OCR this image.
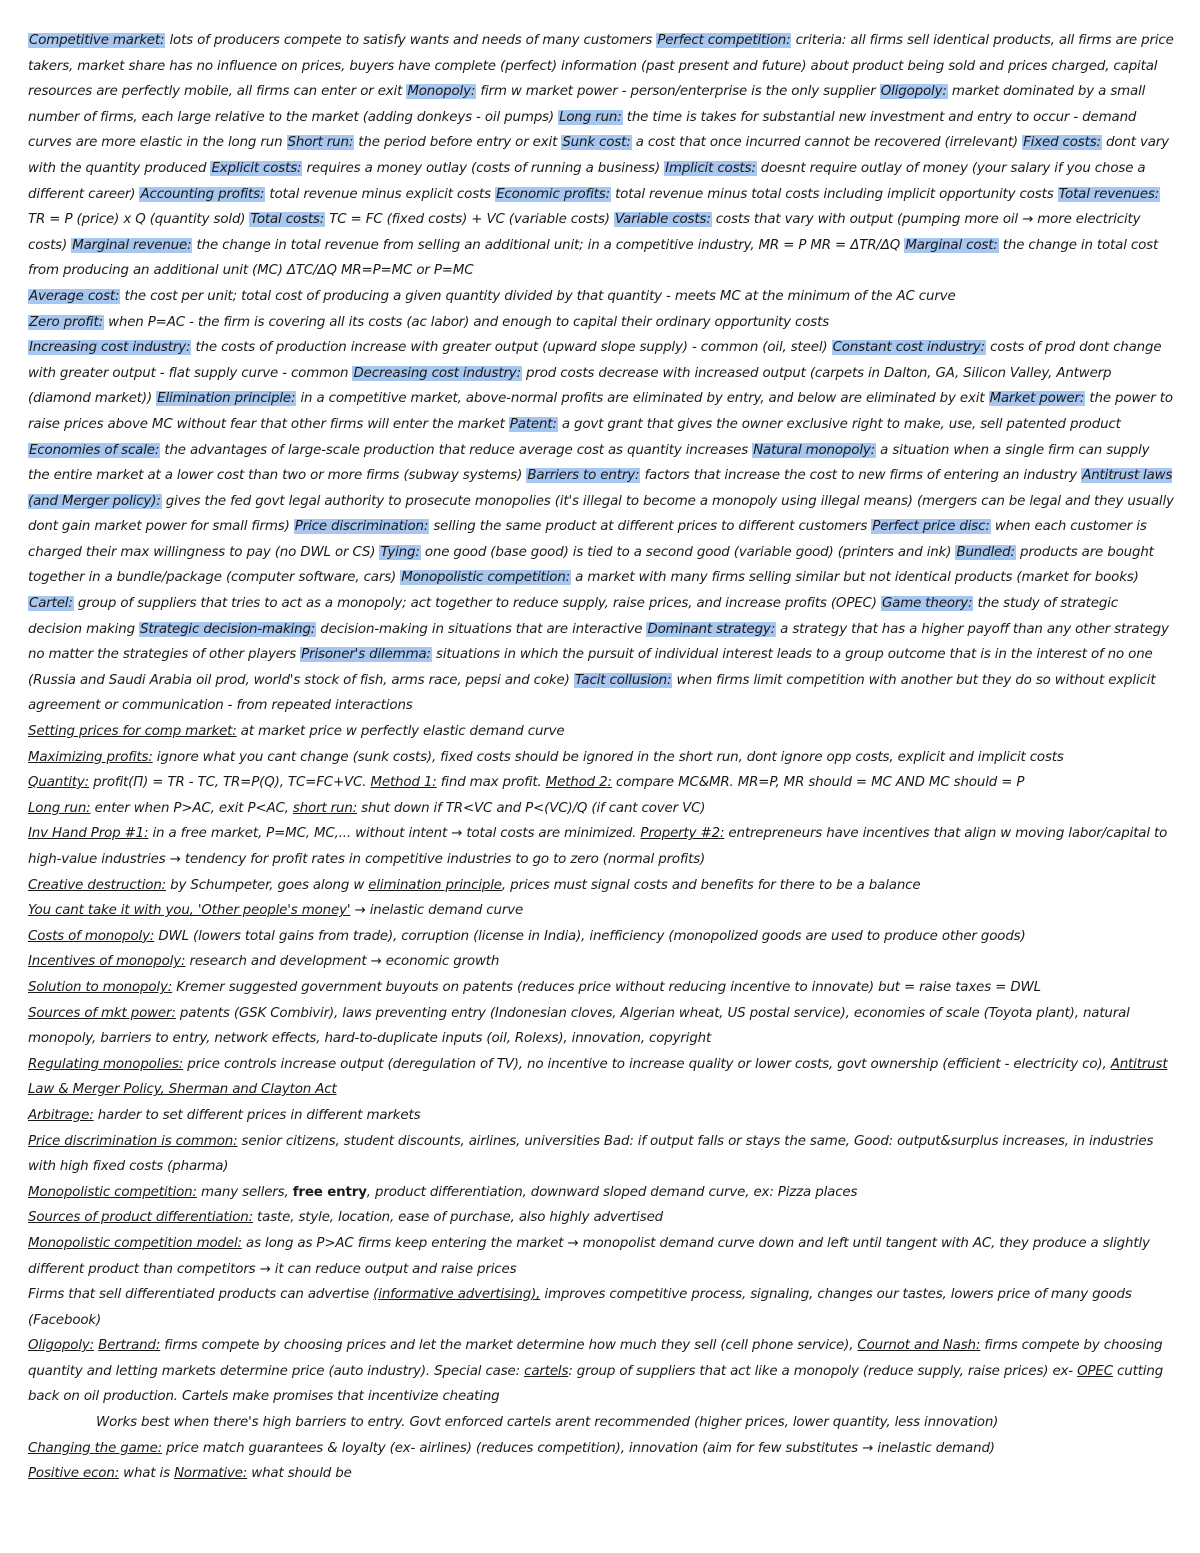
Competitive market: lots of producers compete to satisfy wants and needs of many customers Perfect competition: criteria: all firms sell identical products, all firms are price takers, market share has no influence on prices, buyers have complete (perfect) information (past present and future) about product being sold and prices charged, capital resources are perfectly mobile, all firms can enter or exit Monopoly: firm w market power - person/enterprise is the only supplier Oligopoly: market dominated by a small number of firms, each large relative to the market (adding donkeys - oil pumps) Long run: the time is takes for substantial new investment and entry to occur - demand curves are more elastic in the long run Short run: the period before entry or exit Sunk cost: a cost that once incurred cannot be recovered (irrelevant) Fixed costs: dont vary with the quantity produced Explicit costs: requires a money outlay (costs of running a business) Implicit costs: doesnt require outlay of money (your salary if you chose a different career) Accounting profits: total revenue minus explicit costs Economic profits: total revenue minus total costs including implicit opportunity costs Total revenues: TR = P (price) x Q (quantity sold) Total costs: TC = FC (fixed costs) + VC (variable costs) Variable costs: costs that vary with output (pumping more oil → more electricity costs) Marginal revenue: the change in total revenue from selling an additional unit; in a competitive industry, MR = P MR = ΔTR/ΔQ Marginal cost: the change in total cost from producing an additional unit (MC) ΔTC/ΔQ MR=P=MC or P=MC

Average cost: the cost per unit; total cost of producing a given quantity divided by that quantity - meets MC at the minimum of the AC curve

Zero profit: when P=AC - the firm is covering all its costs (ac labor) and enough to capital their ordinary opportunity costs

Increasing cost industry: the costs of production increase with greater output (upward slope supply) - common (oil, steel) Constant cost industry: costs of prod dont change with greater output - flat supply curve - common Decreasing cost industry: prod costs decrease with increased output (carpets in Dalton, GA, Silicon Valley, Antwerp (diamond market)) Elimination principle: in a competitive market, above-normal profits are eliminated by entry, and below are eliminated by exit Market power: the power to raise prices above MC without fear that other firms will enter the market Patent: a govt grant that gives the owner exclusive right to make, use, sell patented product Economies of scale: the advantages of large-scale production that reduce average cost as quantity increases Natural monopoly: a situation when a single firm can supply the entire market at a lower cost than two or more firms (subway systems) Barriers to entry: factors that increase the cost to new firms of entering an industry Antitrust laws (and Merger policy): gives the fed govt legal authority to prosecute monopolies (it's illegal to become a monopoly using illegal means) (mergers can be legal and they usually dont gain market power for small firms) Price discrimination: selling the same product at different prices to different customers Perfect price disc: when each customer is charged their max willingness to pay (no DWL or CS) Tying: one good (base good) is tied to a second good (variable good) (printers and ink) Bundled: products are bought together in a bundle/package (computer software, cars) Monopolistic competition: a market with many firms selling similar but not identical products (market for books) Cartel: group of suppliers that tries to act as a monopoly; act together to reduce supply, raise prices, and increase profits (OPEC) Game theory: the study of strategic decision making Strategic decision-making: decision-making in situations that are interactive Dominant strategy: a strategy that has a higher payoff than any other strategy no matter the strategies of other players Prisoner's dilemma: situations in which the pursuit of individual interest leads to a group outcome that is in the interest of no one (Russia and Saudi Arabia oil prod, world's stock of fish, arms race, pepsi and coke) Tacit collusion: when firms limit competition with another but they do so without explicit agreement or communication - from repeated interactions

Setting prices for comp market: at market price w perfectly elastic demand curve

Maximizing profits: ignore what you cant change (sunk costs), fixed costs should be ignored in the short run, dont ignore opp costs, explicit and implicit costs

Quantity: profit(Π) = TR - TC, TR=P(Q), TC=FC+VC. Method 1: find max profit. Method 2: compare MC&MR. MR=P, MR should = MC AND MC should = P

Long run: enter when P>AC, exit P<AC, short run: shut down if TR<VC and P<(VC)/Q (if cant cover VC)

Inv Hand Prop #1: in a free market, P=MC, MC,... without intent → total costs are minimized. Property #2: entrepreneurs have incentives that align w moving labor/capital to high-value industries → tendency for profit rates in competitive industries to go to zero (normal profits)

Creative destruction: by Schumpeter, goes along w elimination principle, prices must signal costs and benefits for there to be a balance

You cant take it with you, 'Other people's money' → inelastic demand curve

Costs of monopoly: DWL (lowers total gains from trade), corruption (license in India), inefficiency (monopolized goods are used to produce other goods)

Incentives of monopoly: research and development → economic growth

Solution to monopoly: Kremer suggested government buyouts on patents (reduces price without reducing incentive to innovate) but = raise taxes = DWL

Sources of mkt power: patents (GSK Combivir), laws preventing entry (Indonesian cloves, Algerian wheat, US postal service), economies of scale (Toyota plant), natural monopoly, barriers to entry, network effects, hard-to-duplicate inputs (oil, Rolexs), innovation, copyright

Regulating monopolies: price controls increase output (deregulation of TV), no incentive to increase quality or lower costs, govt ownership (efficient - electricity co), Antitrust Law & Merger Policy, Sherman and Clayton Act

Arbitrage: harder to set different prices in different markets

Price discrimination is common: senior citizens, student discounts, airlines, universities Bad: if output falls or stays the same, Good: output&surplus increases, in industries with high fixed costs (pharma)

Monopolistic competition: many sellers, free entry, product differentiation, downward sloped demand curve, ex: Pizza places

Sources of product differentiation: taste, style, location, ease of purchase, also highly advertised

Monopolistic competition model: as long as P>AC firms keep entering the market → monopolist demand curve down and left until tangent with AC, they produce a slightly different product than competitors → it can reduce output and raise prices

Firms that sell differentiated products can advertise (informative advertising), improves competitive process, signaling, changes our tastes, lowers price of many goods (Facebook)

Oligopoly: Bertrand: firms compete by choosing prices and let the market determine how much they sell (cell phone service), Cournot and Nash: firms compete by choosing quantity and letting markets determine price (auto industry). Special case: cartels: group of suppliers that act like a monopoly (reduce supply, raise prices) ex- OPEC cutting back on oil production. Cartels make promises that incentivize cheating

Works best when there's high barriers to entry. Govt enforced cartels arent recommended (higher prices, lower quantity, less innovation)

Changing the game: price match guarantees & loyalty (ex- airlines) (reduces competition), innovation (aim for few substitutes → inelastic demand)

Positive econ: what is Normative: what should be
